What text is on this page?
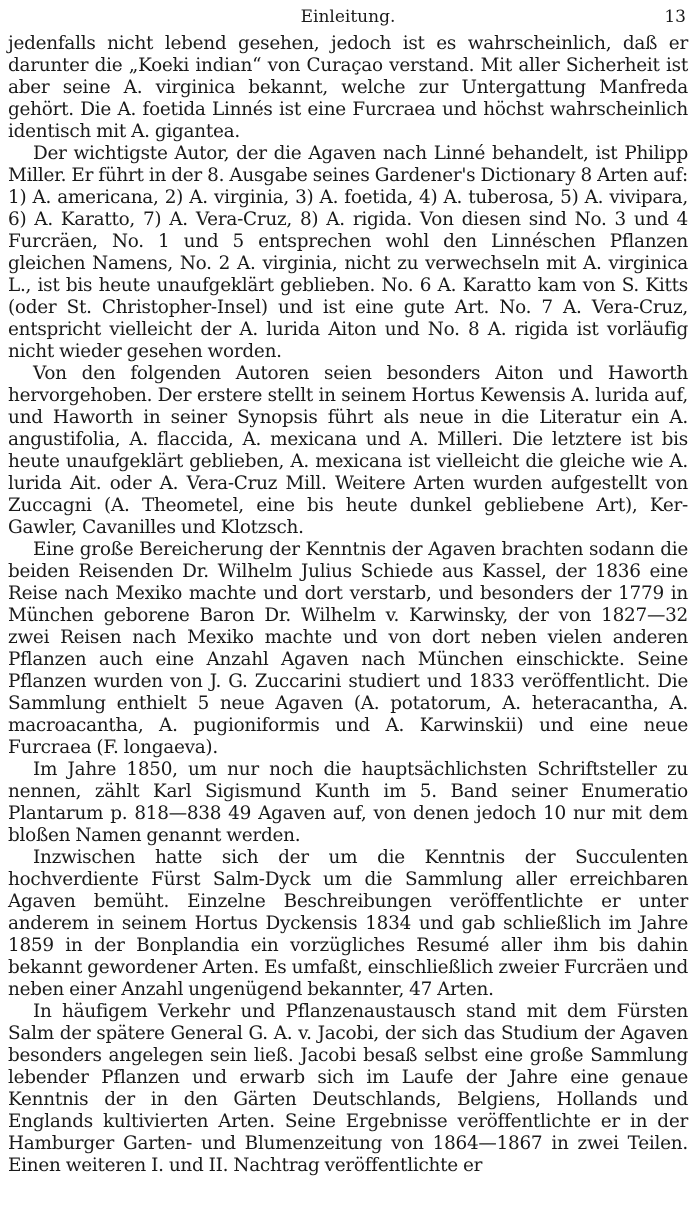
Einleitung.	13

jedenfalls nicht lebend gesehen, jedoch ist es wahrscheinlich, daß er darunter die „Koeki indian“ von Curaçao verstand. Mit aller Sicherheit ist aber seine A. virginica bekannt, welche zur Untergattung Manfreda gehört. Die A. foetida Linnés ist eine Furcraea und höchst wahrscheinlich identisch mit A. gigantea.

Der wichtigste Autor, der die Agaven nach Linné behandelt, ist Philipp Miller. Er führt in der 8. Ausgabe seines Gardener's Dictionary 8 Arten auf: 1) A. americana, 2) A. virginia, 3) A. foetida, 4) A. tuberosa, 5) A. vivipara, 6) A. Karatto, 7) A. Vera-Cruz, 8) A. rigida. Von diesen sind No. 3 und 4 Furcräen, No. 1 und 5 entsprechen wohl den Linnéschen Pflanzen gleichen Namens, No. 2 A. virginia, nicht zu verwechseln mit A. virginica L., ist bis heute unaufgeklärt geblieben. No. 6 A. Karatto kam von S. Kitts (oder St. Christopher-Insel) und ist eine gute Art. No. 7 A. Vera-Cruz, entspricht vielleicht der A. lurida Aiton und No. 8 A. rigida ist vorläufig nicht wieder gesehen worden.

Von den folgenden Autoren seien besonders Aiton und Haworth hervorgehoben. Der erstere stellt in seinem Hortus Kewensis A. lurida auf, und Haworth in seiner Synopsis führt als neue in die Literatur ein A. angustifolia, A. flaccida, A. mexicana und A. Milleri. Die letztere ist bis heute unaufgeklärt geblieben, A. mexicana ist vielleicht die gleiche wie A. lurida Ait. oder A. Vera-Cruz Mill. Weitere Arten wurden aufgestellt von Zuccagni (A. Theometel, eine bis heute dunkel gebliebene Art), Ker-Gawler, Cavanilles und Klotzsch.

Eine große Bereicherung der Kenntnis der Agaven brachten sodann die beiden Reisenden Dr. Wilhelm Julius Schiede aus Kassel, der 1836 eine Reise nach Mexiko machte und dort verstarb, und besonders der 1779 in München geborene Baron Dr. Wilhelm v. Karwinsky, der von 1827—32 zwei Reisen nach Mexiko machte und von dort neben vielen anderen Pflanzen auch eine Anzahl Agaven nach München einschickte. Seine Pflanzen wurden von J. G. Zuccarini studiert und 1833 veröffentlicht. Die Sammlung enthielt 5 neue Agaven (A. potatorum, A. heteracantha, A. macroacantha, A. pugioniformis und A. Karwinskii) und eine neue Furcraea (F. longaeva).

Im Jahre 1850, um nur noch die hauptsächlichsten Schriftsteller zu nennen, zählt Karl Sigismund Kunth im 5. Band seiner Enumeratio Plantarum p. 818—838 49 Agaven auf, von denen jedoch 10 nur mit dem bloßen Namen genannt werden.

Inzwischen hatte sich der um die Kenntnis der Succulenten hochverdiente Fürst Salm-Dyck um die Sammlung aller erreichbaren Agaven bemüht. Einzelne Beschreibungen veröffentlichte er unter anderem in seinem Hortus Dyckensis 1834 und gab schließlich im Jahre 1859 in der Bonplandia ein vorzügliches Resumé aller ihm bis dahin bekannt gewordener Arten. Es umfaßt, einschließlich zweier Furcräen und neben einer Anzahl ungenügend bekannter, 47 Arten.

In häufigem Verkehr und Pflanzenaustausch stand mit dem Fürsten Salm der spätere General G. A. v. Jacobi, der sich das Studium der Agaven besonders angelegen sein ließ. Jacobi besaß selbst eine große Sammlung lebender Pflanzen und erwarb sich im Laufe der Jahre eine genaue Kenntnis der in den Gärten Deutschlands, Belgiens, Hollands und Englands kultivierten Arten. Seine Ergebnisse veröffentlichte er in der Hamburger Garten- und Blumenzeitung von 1864—1867 in zwei Teilen. Einen weiteren I. und II. Nachtrag veröffentlichte er
